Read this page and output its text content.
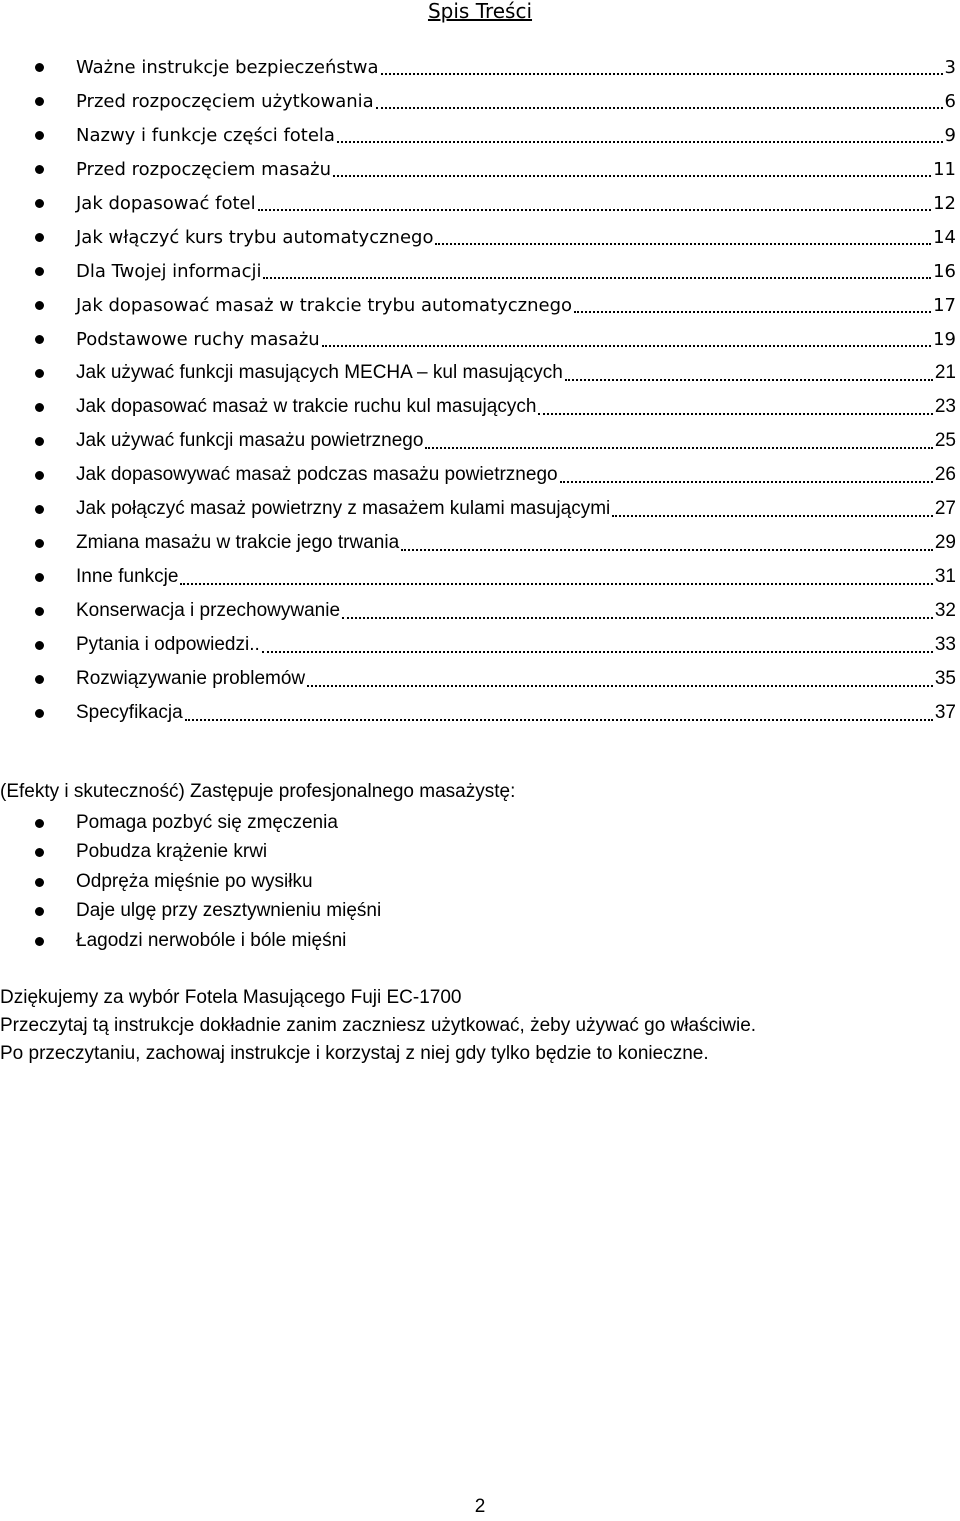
Spis Treści
Ważne instrukcje bezpieczeństwa	3
Przed rozpoczęciem użytkowania	6
Nazwy i funkcje części fotela	9
Przed rozpoczęciem masażu	11
Jak dopasować fotel	12
Jak włączyć kurs trybu automatycznego	14
Dla Twojej informacji	16
Jak dopasować masaż w trakcie trybu automatycznego	17
Podstawowe ruchy masażu	19
Jak używać funkcji masujących MECHA – kul masujących	21
Jak dopasować masaż w trakcie ruchu kul masujących	23
Jak używać funkcji masażu powietrznego	25
Jak dopasowywać masaż podczas masażu powietrznego	26
Jak połączyć masaż powietrzny z masażem kulami masującymi	27
Zmiana masażu w trakcie jego trwania	29
Inne funkcje	31
Konserwacja i przechowywanie	32
Pytania i odpowiedzi..	33
Rozwiązywanie problemów	35
Specyfikacja	37
(Efekty i skuteczność) Zastępuje profesjonalnego masażystę:
Pomaga pozbyć się zmęczenia
Pobudza krążenie krwi
Odpręża mięśnie po wysiłku
Daje ulgę przy zesztywnieniu mięśni
Łagodzi nerwobóle i bóle mięśni
Dziękujemy za wybór Fotela Masującego Fuji EC-1700
Przeczytaj tą instrukcje dokładnie zanim zaczniesz użytkować, żeby używać go właściwie.
Po przeczytaniu, zachowaj instrukcje i korzystaj z niej gdy tylko będzie to konieczne.
2
